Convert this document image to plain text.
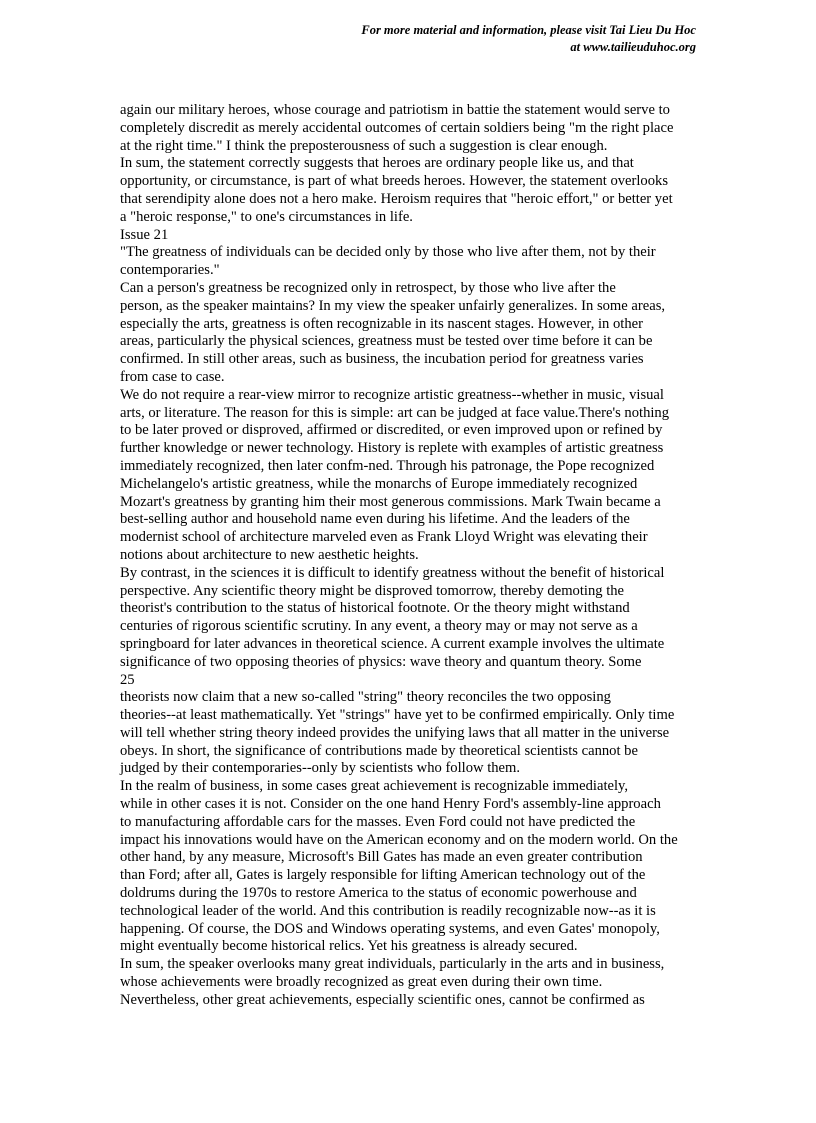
For more material and information, please visit Tai Lieu Du Hoc
at www.tailieuduhoc.org
again our military heroes, whose courage and patriotism in battie the statement would serve to
completely discredit as merely accidental outcomes of certain soldiers being "m the right place
at the right time." I think the preposterousness of such a suggestion is clear enough.
In sum, the statement correctly suggests that heroes are ordinary people like us, and that
opportunity, or circumstance, is part of what breeds heroes. However, the statement overlooks
that serendipity alone does not a hero make. Heroism requires that "heroic effort," or better yet
a "heroic response," to one's circumstances in life.
Issue 21
"The greatness of individuals can be decided only by those who live after them, not by their
contemporaries."
Can a person's greatness be recognized only in retrospect, by those who live after the
person, as the speaker maintains? In my view the speaker unfairly generalizes. In some areas,
especially the arts, greatness is often recognizable in its nascent stages. However, in other
areas, particularly the physical sciences, greatness must be tested over time before it can be
confirmed. In still other areas, such as business, the incubation period for greatness varies
from case to case.
We do not require a rear-view mirror to recognize artistic greatness--whether in music, visual
arts, or literature. The reason for this is simple: art can be judged at face value.There's nothing
to be later proved or disproved, affirmed or discredited, or even improved upon or refined by
further knowledge or newer technology. History is replete with examples of artistic greatness
immediately recognized, then later confm-ned. Through his patronage, the Pope recognized
Michelangelo's artistic greatness, while the monarchs of Europe immediately recognized
Mozart's greatness by granting him their most generous commissions. Mark Twain became a
best-selling author and household name even during his lifetime. And the leaders of the
modernist school of architecture marveled even as Frank Lloyd Wright was elevating their
notions about architecture to new aesthetic heights.
By contrast, in the sciences it is difficult to identify greatness without the benefit of historical
perspective. Any scientific theory might be disproved tomorrow, thereby demoting the
theorist's contribution to the status of historical footnote. Or the theory might withstand
centuries of rigorous scientific scrutiny. In any event, a theory may or may not serve as a
springboard for later advances in theoretical science. A current example involves the ultimate
significance of two opposing theories of physics: wave theory and quantum theory. Some
25
theorists now claim that a new so-called "string" theory reconciles the two opposing
theories--at least mathematically. Yet "strings" have yet to be confirmed empirically. Only time
will tell whether string theory indeed provides the unifying laws that all matter in the universe
obeys. In short, the significance of contributions made by theoretical scientists cannot be
judged by their contemporaries--only by scientists who follow them.
In the realm of business, in some cases great achievement is recognizable immediately,
while in other cases it is not. Consider on the one hand Henry Ford's assembly-line approach
to manufacturing affordable cars for the masses. Even Ford could not have predicted the
impact his innovations would have on the American economy and on the modern world. On the
other hand, by any measure, Microsoft's Bill Gates has made an even greater contribution
than Ford; after all, Gates is largely responsible for lifting American technology out of the
doldrums during the 1970s to restore America to the status of economic powerhouse and
technological leader of the world. And this contribution is readily recognizable now--as it is
happening. Of course, the DOS and Windows operating systems, and even Gates' monopoly,
might eventually become historical relics. Yet his greatness is already secured.
In sum, the speaker overlooks many great individuals, particularly in the arts and in business,
whose achievements were broadly recognized as great even during their own time.
Nevertheless, other great achievements, especially scientific ones, cannot be confirmed as
